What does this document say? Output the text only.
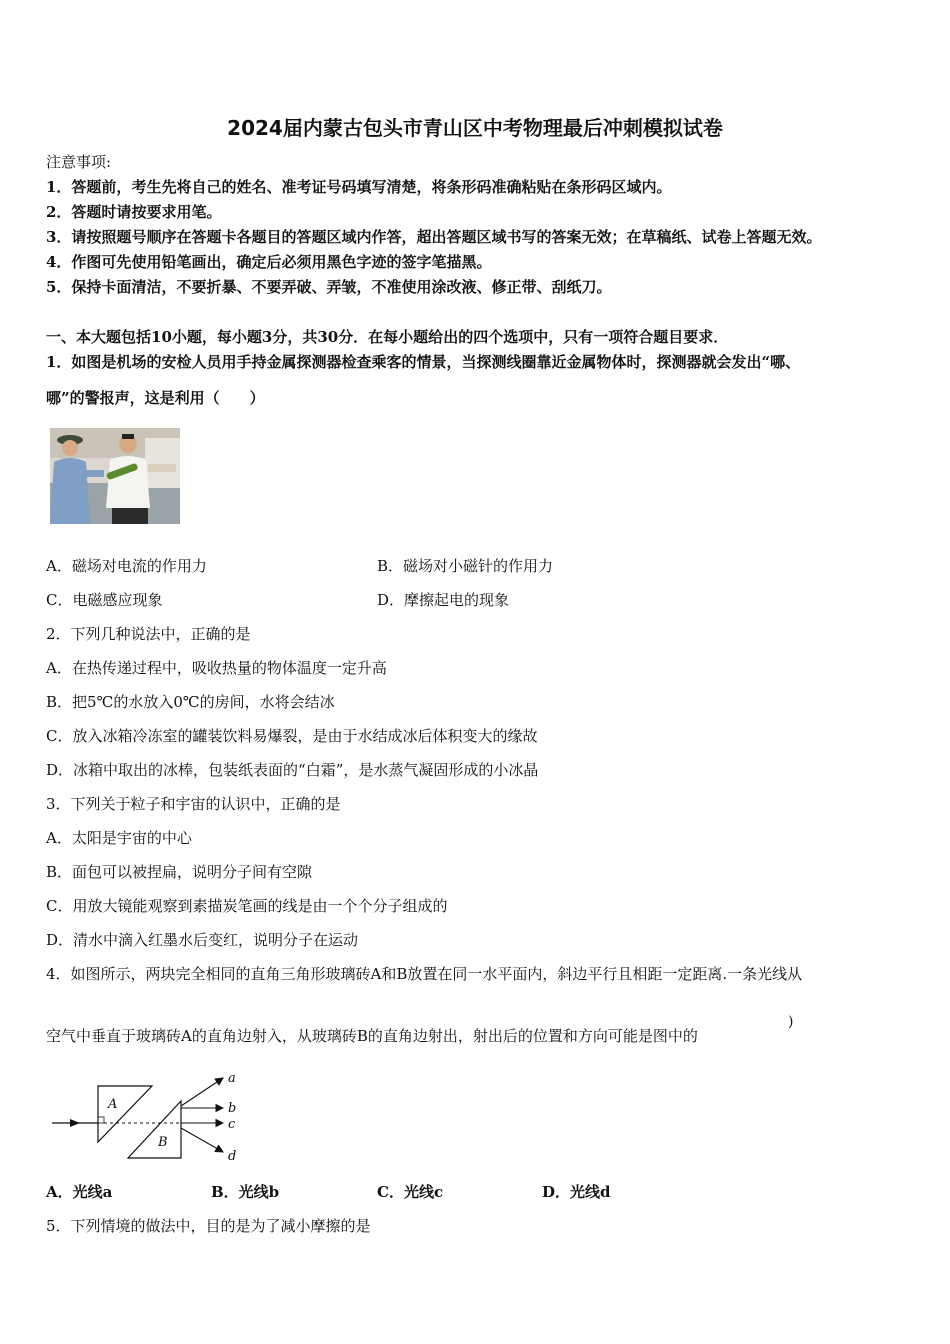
2024届内蒙古包头市青山区中考物理最后冲刺模拟试卷
注意事项:
1．答题前，考生先将自己的姓名、准考证号码填写清楚，将条形码准确粘贴在条形码区域内。
2．答题时请按要求用笔。
3．请按照题号顺序在答题卡各题目的答题区域内作答，超出答题区域书写的答案无效；在草稿纸、试卷上答题无效。
4．作图可先使用铅笔画出，确定后必须用黑色字迹的签字笔描黑。
5．保持卡面清洁，不要折暴、不要弄破、弄皱，不准使用涂改液、修正带、刮纸刀。
一、本大题包括10小题，每小题3分，共30分．在每小题给出的四个选项中，只有一项符合题目要求．
1．如图是机场的安检人员用手持金属探测器检查乘客的情景，当探测线圈靠近金属物体时，探测器就会发出“哪、
哪”的警报声，这是利用（　　）
A．磁场对电流的作用力	B．磁场对小磁针的作用力
C．电磁感应现象	D．摩擦起电的现象
2．下列几种说法中，正确的是
A．在热传递过程中，吸收热量的物体温度一定升高
B．把5℃的水放入0℃的房间，水将会结冰
C．放入冰箱冷冻室的罐装饮料易爆裂，是由于水结成冰后体积变大的缘故
D．冰箱中取出的冰棒，包装纸表面的“白霜”，是水蒸气凝固形成的小冰晶
3．下列关于粒子和宇宙的认识中，正确的是
A．太阳是宇宙的中心
B．面包可以被捏扁，说明分子间有空隙
C．用放大镜能观察到素描炭笔画的线是由一个个分子组成的
D．清水中滴入红墨水后变红，说明分子在运动
4．如图所示，两块完全相同的直角三角形玻璃砖A和B放置在同一水平面内，斜边平行且相距一定距离.一条光线从
空气中垂直于玻璃砖A的直角边射入，从玻璃砖B的直角边射出，射出后的位置和方向可能是图中的
)
A
B
a
b
c
d
A．光线a	B．光线b	C．光线c	D．光线d
5．下列情境的做法中，目的是为了减小摩擦的是
